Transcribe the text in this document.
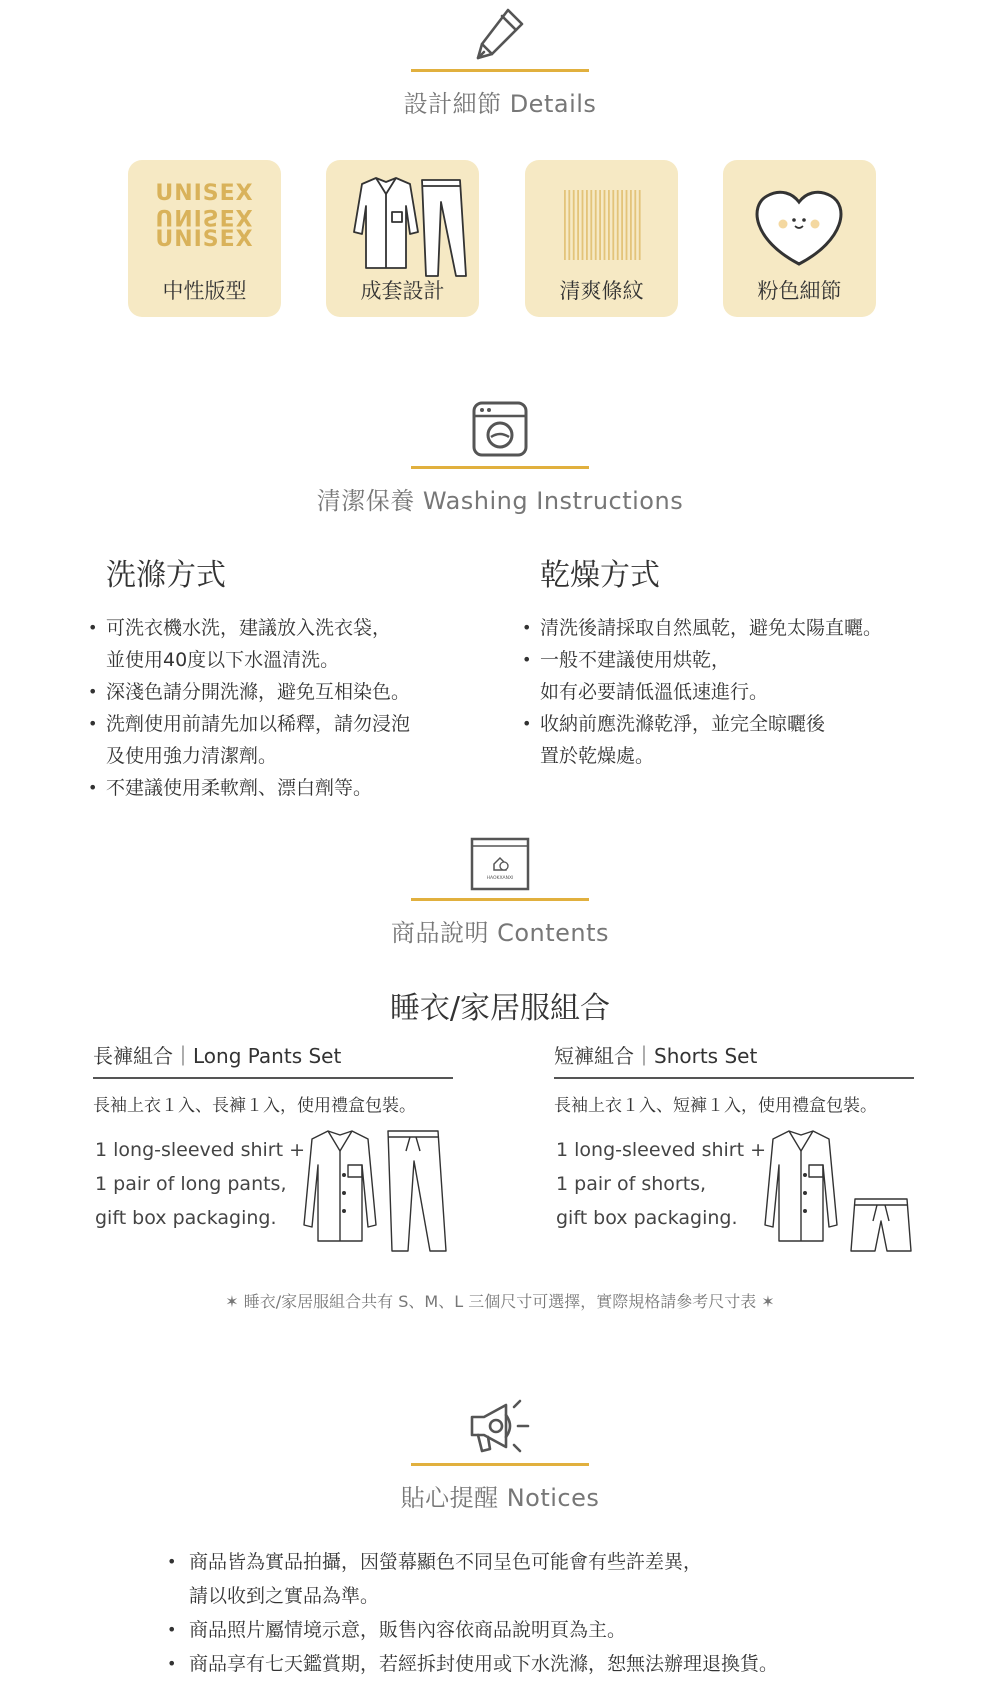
設計細節 Details
UNISEX
UNISEX
UNISEX
中性版型	成套設計	清爽條紋	粉色細節
清潔保養 Washing Instructions
洗滌方式
• 可洗衣機水洗，建議放入洗衣袋，
並使用40度以下水溫清洗。
• 深淺色請分開洗滌，避免互相染色。
• 洗劑使用前請先加以稀釋，請勿浸泡
及使用強力清潔劑。
• 不建議使用柔軟劑、漂白劑等。
乾燥方式
• 清洗後請採取自然風乾，避免太陽直曬。
• 一般不建議使用烘乾，
如有必要請低溫低速進行。
• 收納前應洗滌乾淨，並完全晾曬後
置於乾燥處。
HAOKXANXI
商品說明 Contents
睡衣/家居服組合
長褲組合｜Long Pants Set
長袖上衣１入、長褲１入，使用禮盒包裝。
1 long-sleeved shirt +
1 pair of long pants,
gift box packaging.
短褲組合｜Shorts Set
長袖上衣１入、短褲１入，使用禮盒包裝。
1 long-sleeved shirt +
1 pair of shorts,
gift box packaging.
✶ 睡衣/家居服組合共有 S、M、L 三個尺寸可選擇，實際規格請參考尺寸表 ✶
貼心提醒 Notices
• 商品皆為實品拍攝，因螢幕顯色不同呈色可能會有些許差異，
請以收到之實品為準。
• 商品照片屬情境示意，販售內容依商品說明頁為主。
• 商品享有七天鑑賞期，若經拆封使用或下水洗滌，恕無法辦理退換貨。
